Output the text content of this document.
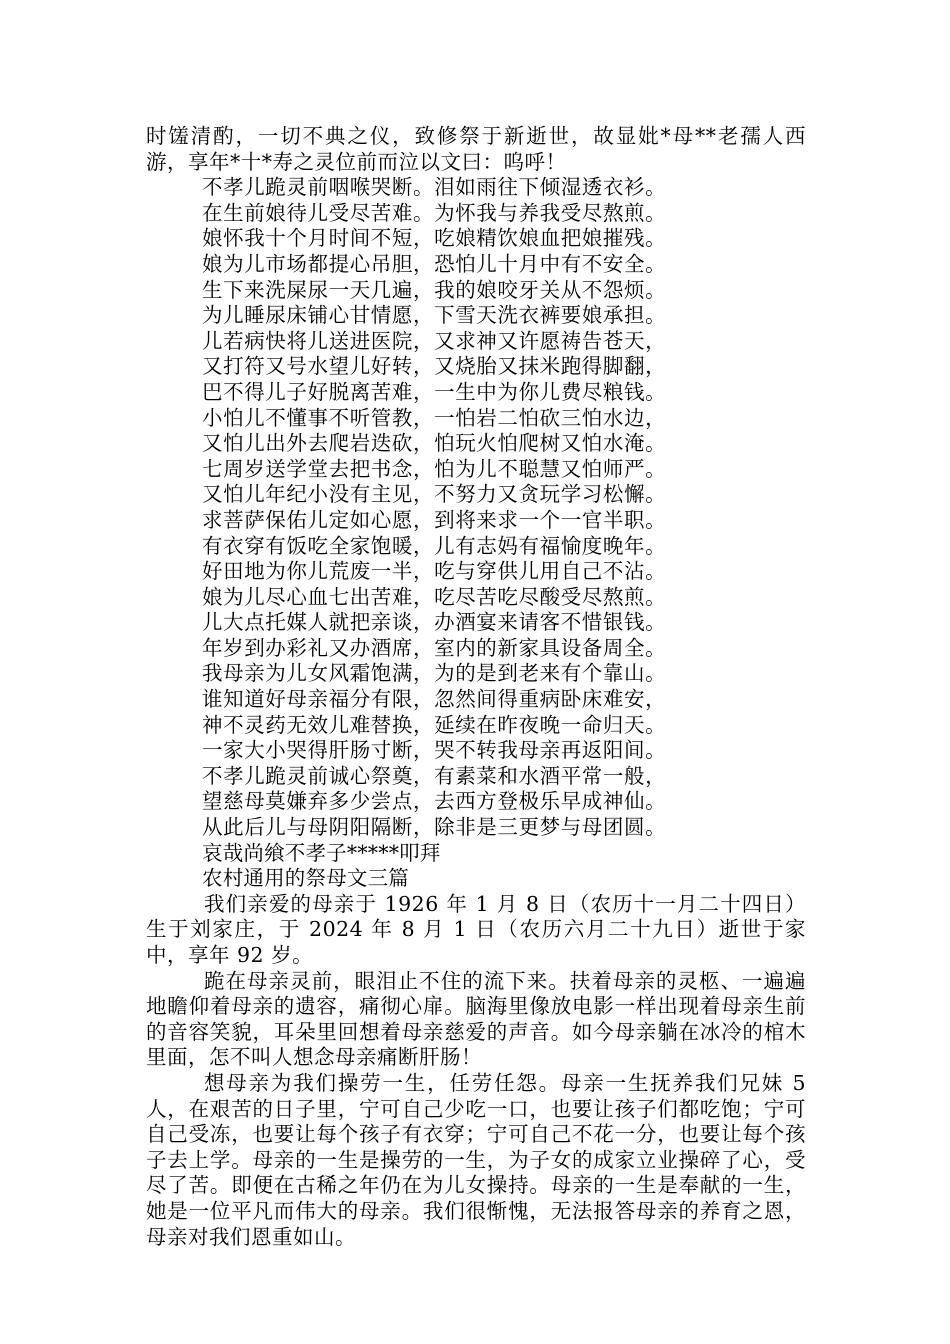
时馐清酌，一切不典之仪，致修祭于新逝世，故显妣*母**老孺人西游，享年*十*寿之灵位前而泣以文曰：呜呼！

不孝儿跪灵前咽喉哭断。泪如雨往下倾湿透衣衫。

在生前娘待儿受尽苦难。为怀我与养我受尽熬煎。

娘怀我十个月时间不短，吃娘精饮娘血把娘摧残。

娘为儿市场都提心吊胆，恐怕儿十月中有不安全。

生下来洗屎尿一天几遍，我的娘咬牙关从不怨烦。

为儿睡尿床铺心甘情愿，下雪天洗衣裤要娘承担。

儿若病快将儿送进医院，又求神又许愿祷告苍天，

又打符又号水望儿好转，又烧胎又抹米跑得脚翻，

巴不得儿子好脱离苦难，一生中为你儿费尽粮钱。

小怕儿不懂事不听管教，一怕岩二怕砍三怕水边，

又怕儿出外去爬岩迭砍，怕玩火怕爬树又怕水淹。

七周岁送学堂去把书念，怕为儿不聪慧又怕师严。

又怕儿年纪小没有主见，不努力又贪玩学习松懈。

求菩萨保佑儿定如心愿，到将来求一个一官半职。

有衣穿有饭吃全家饱暖，儿有志妈有福愉度晚年。

好田地为你儿荒废一半，吃与穿供儿用自己不沾。

娘为儿尽心血七出苦难，吃尽苦吃尽酸受尽熬煎。

儿大点托媒人就把亲谈，办酒宴来请客不惜银钱。

年岁到办彩礼又办酒席，室内的新家具设备周全。

我母亲为儿女风霜饱满，为的是到老来有个靠山。

谁知道好母亲福分有限，忽然间得重病卧床难安，

神不灵药无效儿难替换，延续在昨夜晚一命归天。

一家大小哭得肝肠寸断，哭不转我母亲再返阳间。

不孝儿跪灵前诚心祭奠，有素菜和水酒平常一般，

望慈母莫嫌弃多少尝点，去西方登极乐早成神仙。

从此后儿与母阴阳隔断，除非是三更梦与母团圆。

哀哉尚飨不孝子*****叩拜

农村通用的祭母文三篇

我们亲爱的母亲于 1926 年 1 月 8 日（农历十一月二十四日）生于刘家庄，于 2024 年 8 月 1 日（农历六月二十九日）逝世于家中，享年 92 岁。

跪在母亲灵前，眼泪止不住的流下来。扶着母亲的灵柩、一遍遍地瞻仰着母亲的遗容，痛彻心扉。脑海里像放电影一样出现着母亲生前的音容笑貌，耳朵里回想着母亲慈爱的声音。如今母亲躺在冰冷的棺木里面，怎不叫人想念母亲痛断肝肠！

想母亲为我们操劳一生，任劳任怨。母亲一生抚养我们兄妹 5 人，在艰苦的日子里，宁可自己少吃一口，也要让孩子们都吃饱；宁可自己受冻，也要让每个孩子有衣穿；宁可自己不花一分，也要让每个孩子去上学。母亲的一生是操劳的一生，为子女的成家立业操碎了心，受尽了苦。即便在古稀之年仍在为儿女操持。母亲的一生是奉献的一生，她是一位平凡而伟大的母亲。我们很惭愧，无法报答母亲的养育之恩，母亲对我们恩重如山。
